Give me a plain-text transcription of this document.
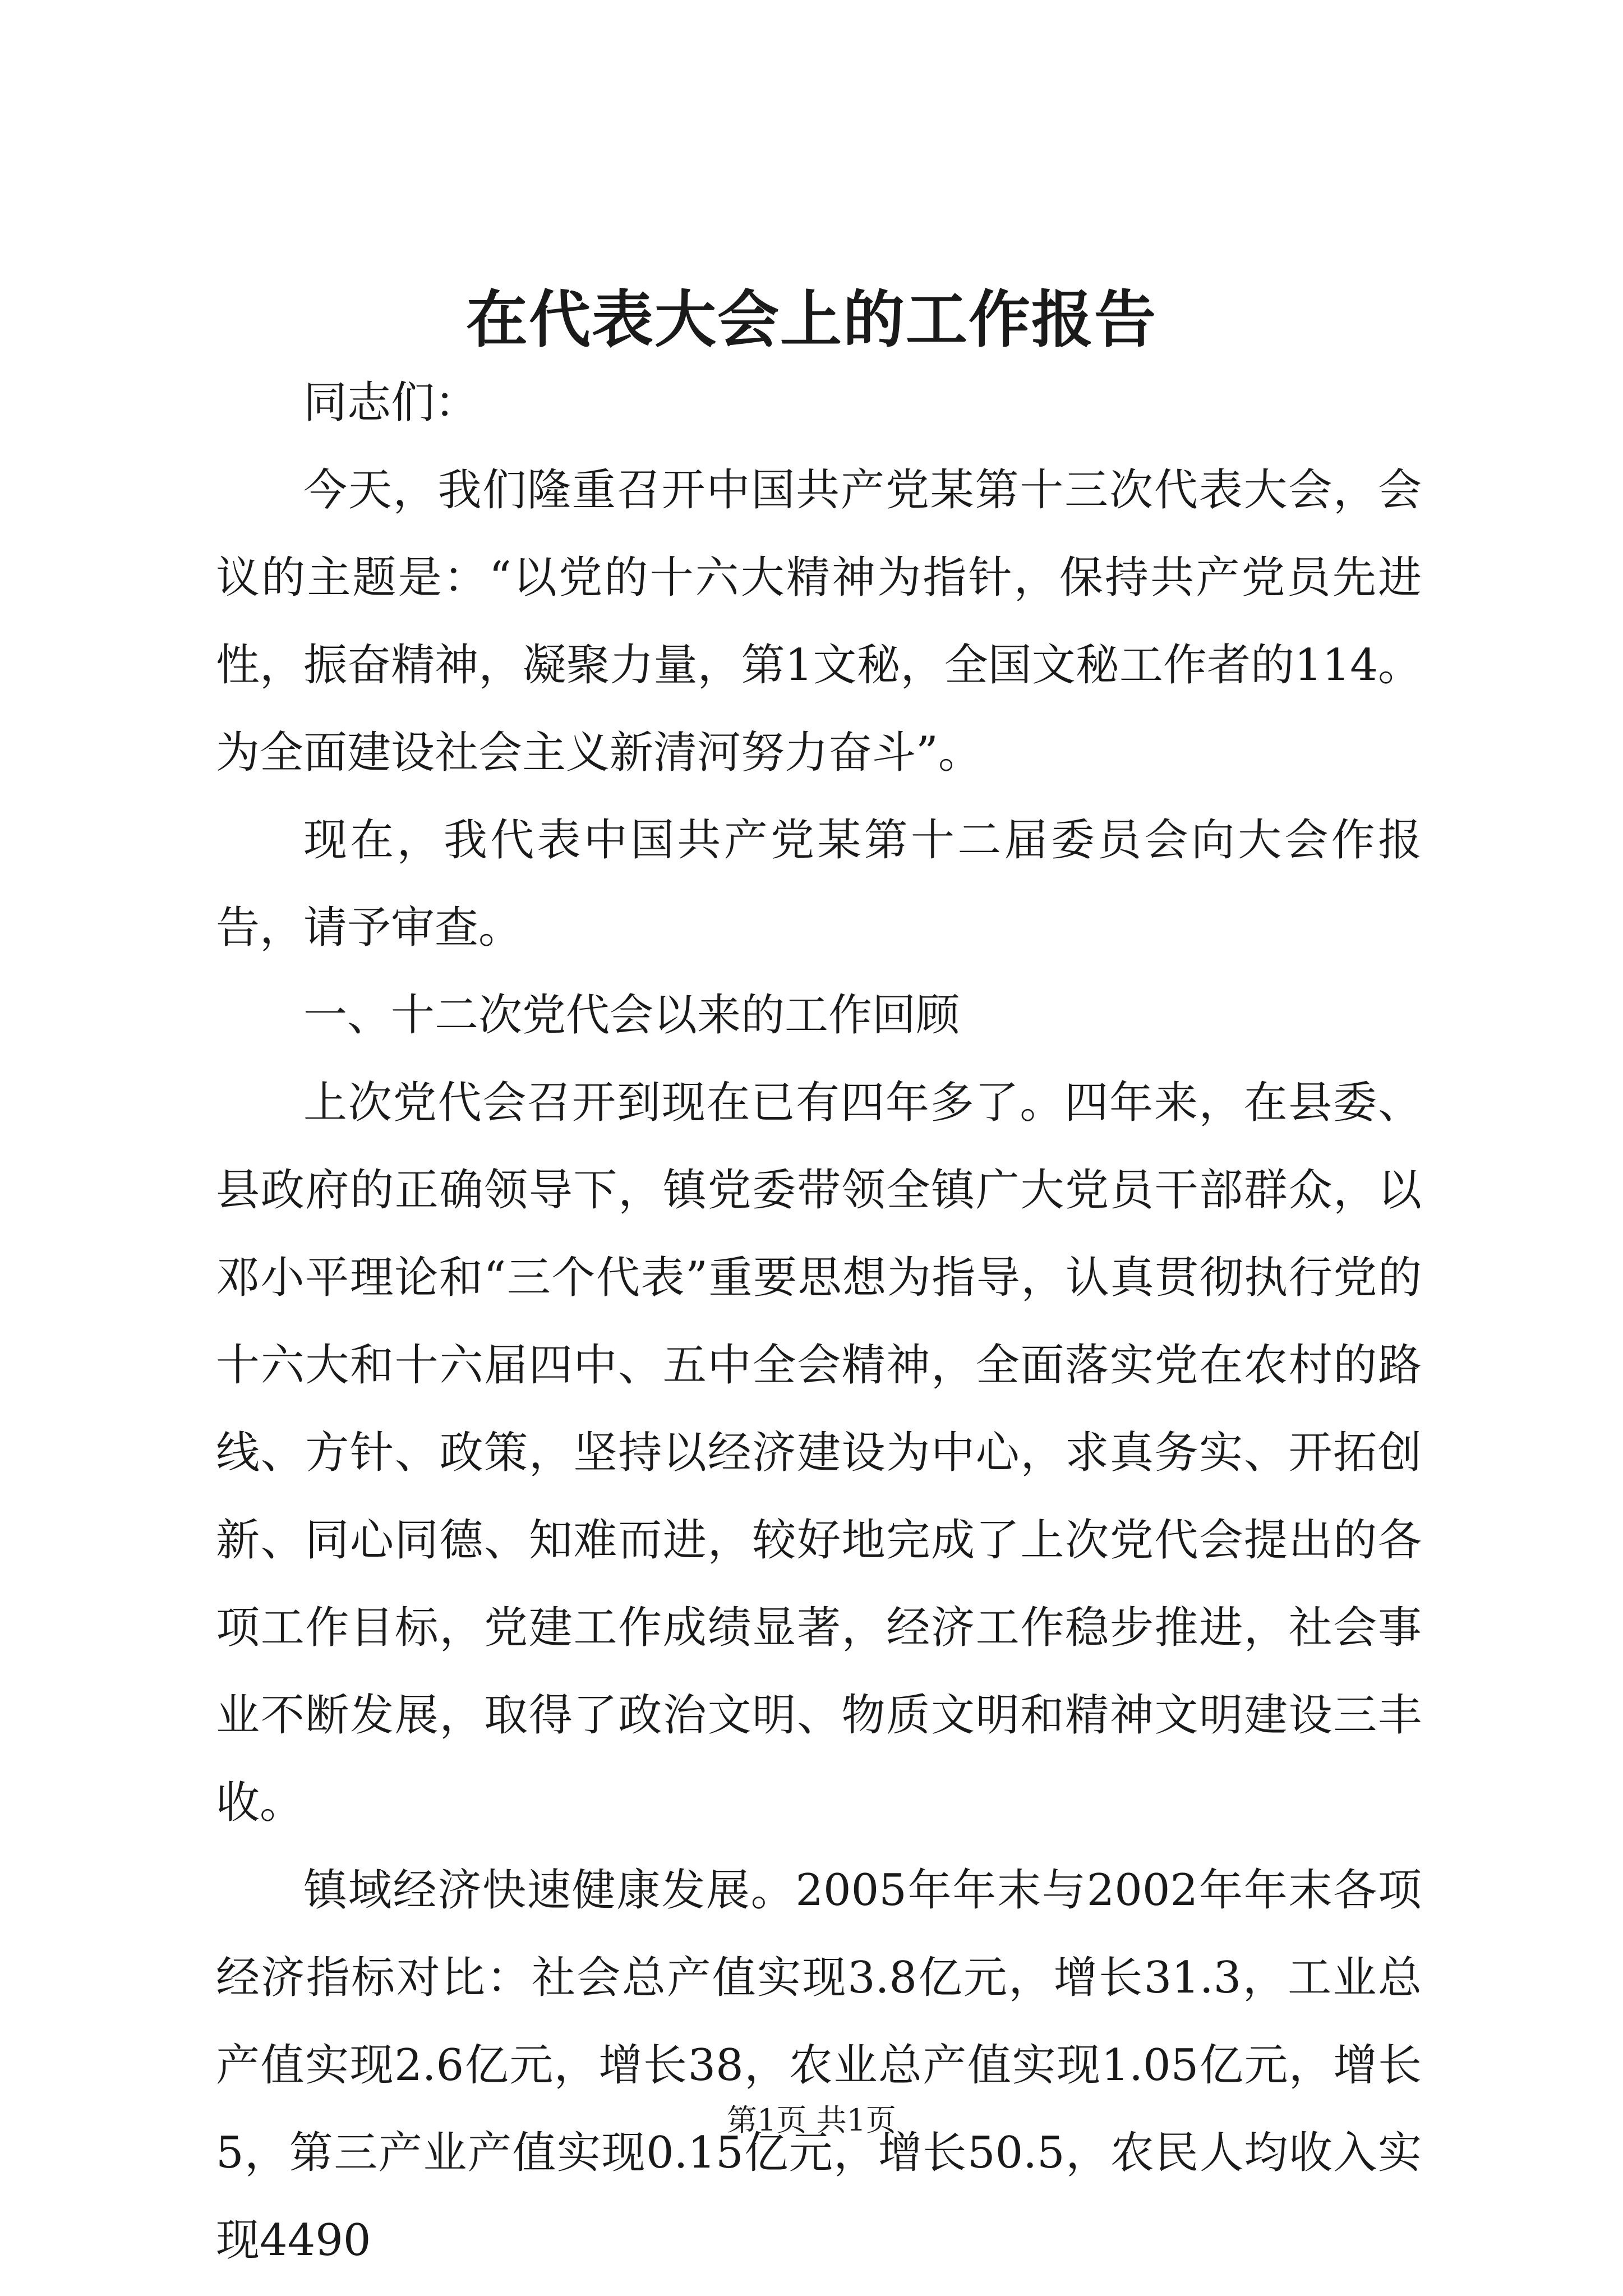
在代表大会上的工作报告

同志们：

今天，我们隆重召开中国共产党某第十三次代表大会，会议的主题是：“以党的十六大精神为指针，保持共产党员先进性，振奋精神，凝聚力量，第1文秘，全国文秘工作者的114。为全面建设社会主义新清河努力奋斗”。

现在，我代表中国共产党某第十二届委员会向大会作报告，请予审查。

一、十二次党代会以来的工作回顾

上次党代会召开到现在已有四年多了。四年来，在县委、县政府的正确领导下，镇党委带领全镇广大党员干部群众，以邓小平理论和“三个代表”重要思想为指导，认真贯彻执行党的十六大和十六届四中、五中全会精神，全面落实党在农村的路线、方针、政策，坚持以经济建设为中心，求真务实、开拓创新、同心同德、知难而进，较好地完成了上次党代会提出的各项工作目标，党建工作成绩显著，经济工作稳步推进，社会事业不断发展，取得了政治文明、物质文明和精神文明建设三丰收。

镇域经济快速健康发展。2005年年末与2002年年末各项经济指标对比：社会总产值实现3.8亿元，增长31.3，工业总产值实现2.6亿元，增长38，农业总产值实现1.05亿元，增长5，第三产业产值实现0.15亿元，增长50.5，农民人均收入实现4490

第1页 共1页
